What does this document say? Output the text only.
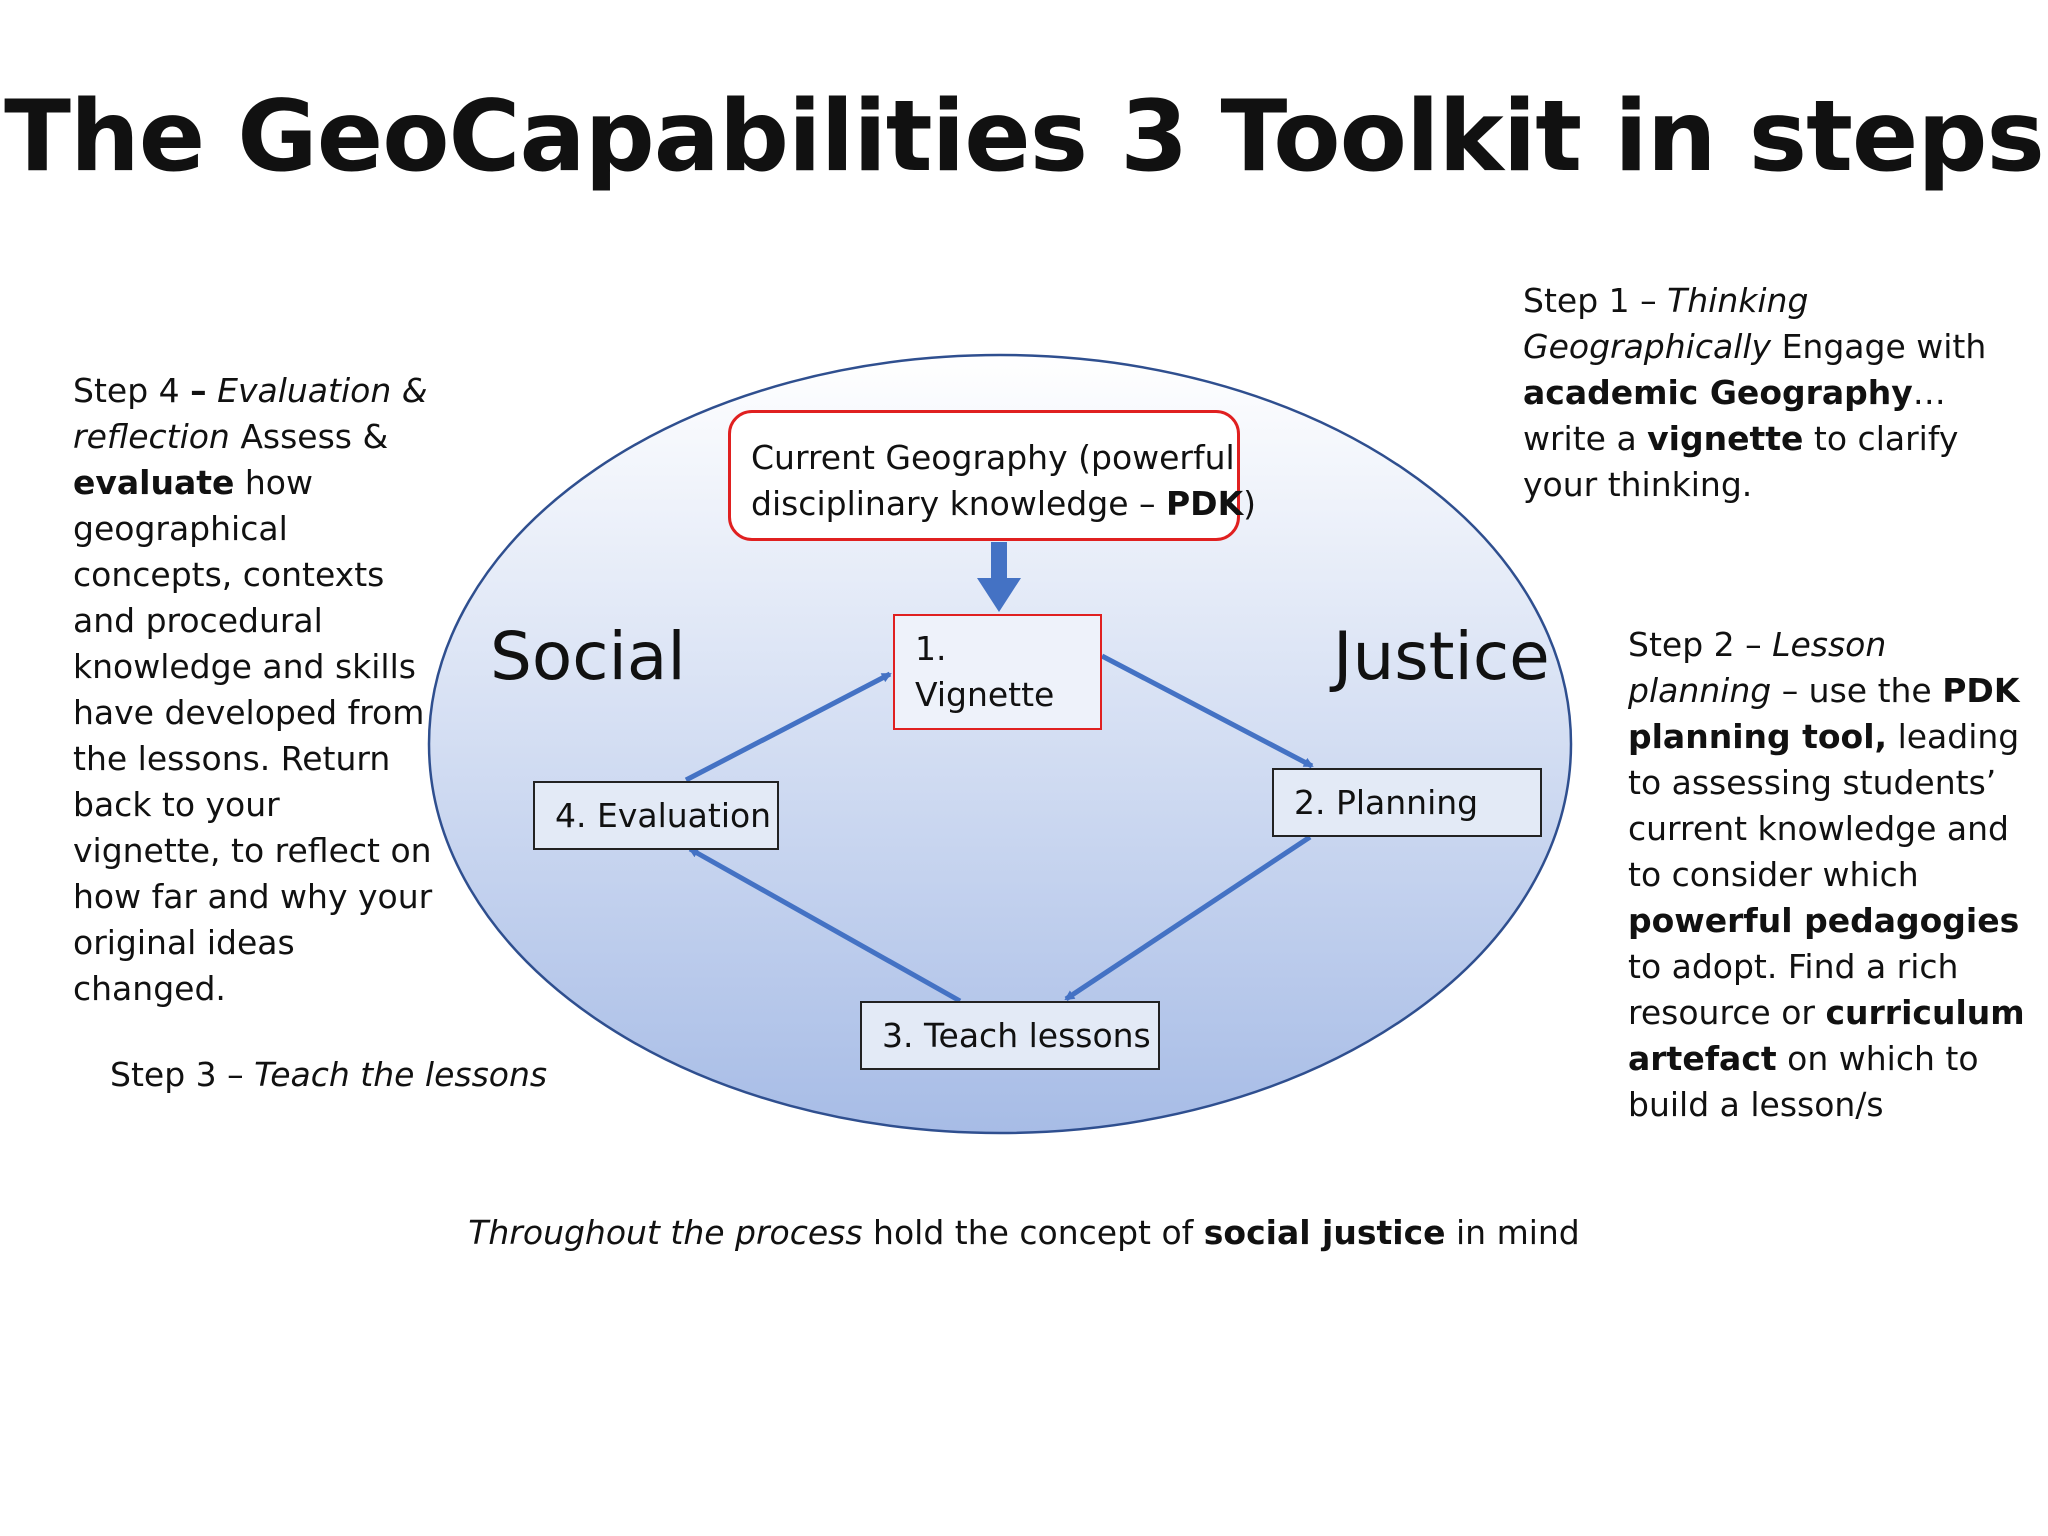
The GeoCapabilities 3 Toolkit in steps
Social	Justice
Current Geography (powerful
disciplinary knowledge – PDK)
1.
Vignette
2. Planning
4. Evaluation
3. Teach lessons
Step 4 – Evaluation & reflection Assess & evaluate how geographical concepts, contexts and procedural knowledge and skills have developed from the lessons. Return back to your vignette, to reflect on how far and why your original ideas changed.
Step 1 – Thinking Geographically Engage with academic Geography…write a vignette to clarify your thinking.
Step 2 – Lesson planning – use the PDK planning tool, leading to assessing students’ current knowledge and to consider which powerful pedagogies to adopt. Find a rich resource or curriculum artefact on which to build a lesson/s
Step 3 – Teach the lessons
Throughout the process hold the concept of social justice in mind
